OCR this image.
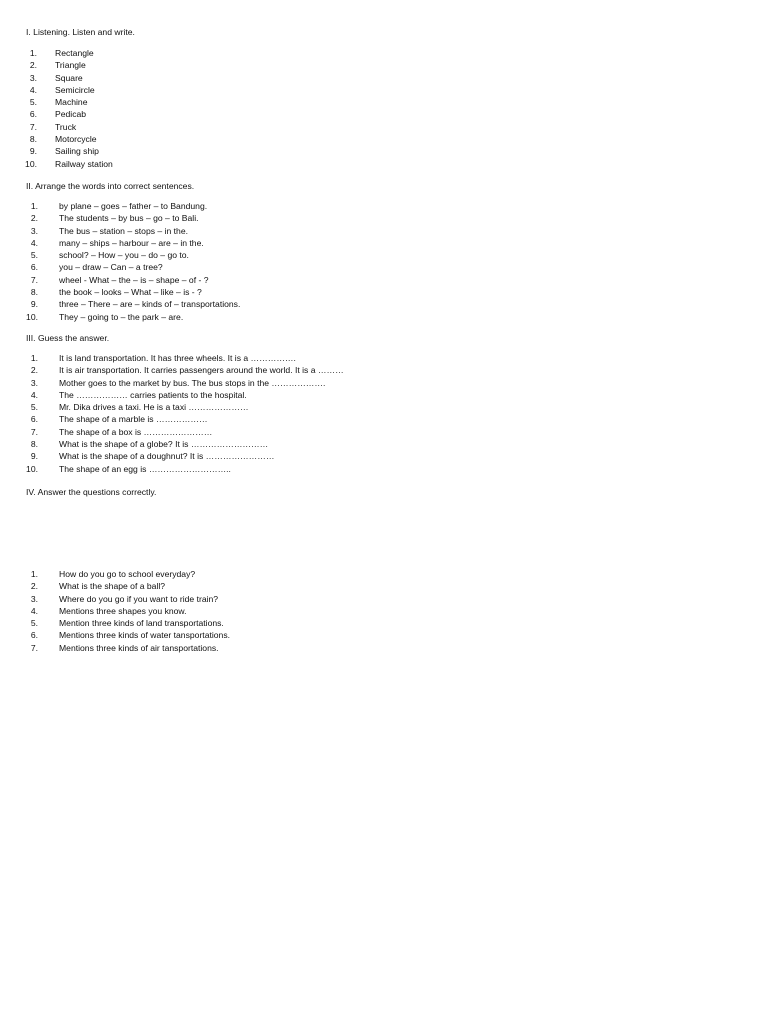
I. Listening. Listen and write.
1. Rectangle
2. Triangle
3. Square
4. Semicircle
5. Machine
6. Pedicab
7. Truck
8. Motorcycle
9. Sailing ship
10. Railway station
II. Arrange the words into correct sentences.
1. by plane – goes – father – to Bandung.
2. The students – by bus – go – to Bali.
3. The bus – station – stops – in the.
4. many – ships – harbour – are – in the.
5. school? – How – you – do – go to.
6. you – draw – Can – a tree?
7. wheel - What – the – is – shape – of - ?
8. the book – looks – What – like – is - ?
9. three – There – are – kinds of – transportations.
10. They – going to – the park – are.
III. Guess the answer.
1. It is land transportation. It has three wheels. It is a …………….
2. It is air transportation. It carries passengers around the world. It is a ………
3. Mother goes to the market by bus. The bus stops in the ……………….
4. The ……………… carries patients to the hospital.
5. Mr. Dika drives a taxi. He is a taxi …………………
6. The shape of a marble is ………………
7. The shape of a box is ……………………
8. What is the shape of a globe? It is ………………………
9. What is the shape of a doughnut? It is ……………………
10. The shape of an egg is ………………………..
IV. Answer the questions correctly.
1. How do you go to school everyday?
2. What is the shape of a ball?
3. Where do you go if you want to ride train?
4. Mentions three shapes you know.
5. Mention three kinds of land transportations.
6. Mentions three kinds of water tansportations.
7. Mentions three kinds of air tansportations.
